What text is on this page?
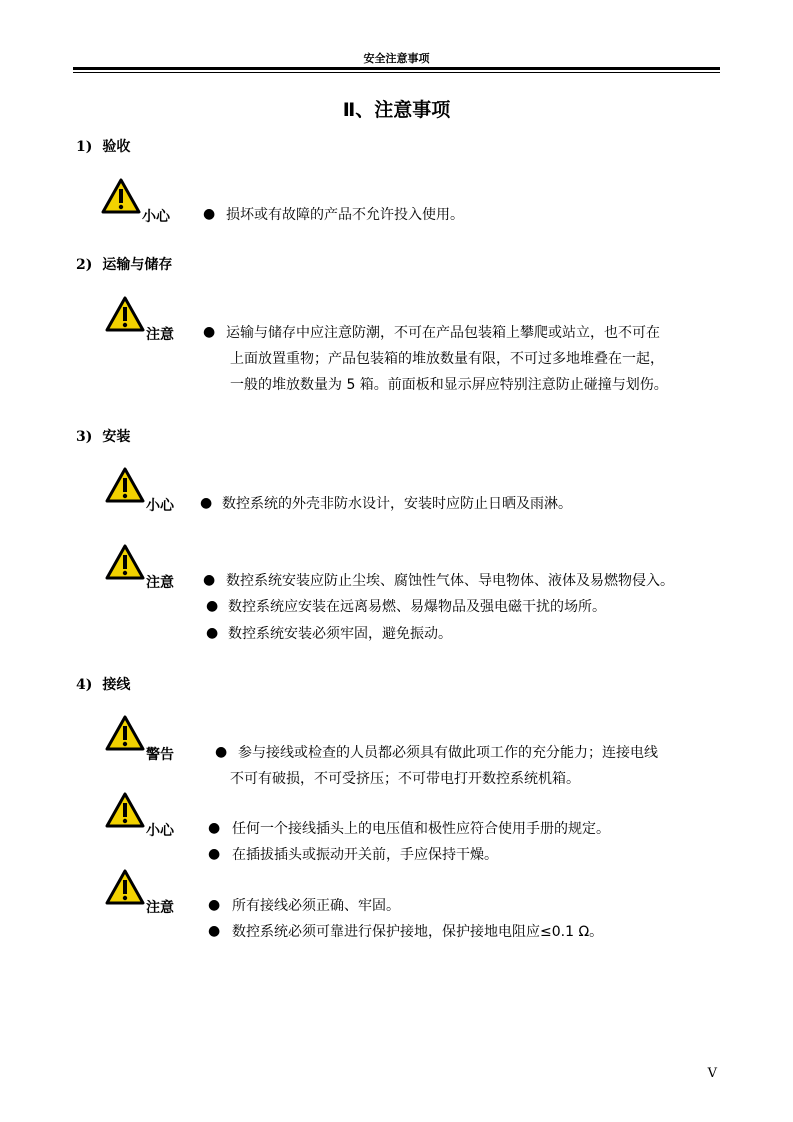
安全注意事项
Ⅱ、注意事项
1) 验收
小心 ● 损坏或有故障的产品不允许投入使用。
2) 运输与储存
注意 ● 运输与储存中应注意防潮，不可在产品包装箱上攀爬或站立，也不可在
上面放置重物；产品包装箱的堆放数量有限，不可过多地堆叠在一起，
一般的堆放数量为 5 箱。前面板和显示屏应特别注意防止碰撞与划伤。
3) 安装
小心 ● 数控系统的外壳非防水设计，安装时应防止日晒及雨淋。
注意 ● 数控系统安装应防止尘埃、腐蚀性气体、导电物体、液体及易燃物侵入。
● 数控系统应安装在远离易燃、易爆物品及强电磁干扰的场所。
● 数控系统安装必须牢固，避免振动。
4) 接线
警告	● 参与接线或检查的人员都必须具有做此项工作的充分能力；连接电线
不可有破损，不可受挤压；不可带电打开数控系统机箱。
小心 ● 任何一个接线插头上的电压值和极性应符合使用手册的规定。
● 在插拔插头或振动开关前，手应保持干燥。
注意 ● 所有接线必须正确、牢固。
● 数控系统必须可靠进行保护接地，保护接地电阻应≤0.1 Ω。
V
